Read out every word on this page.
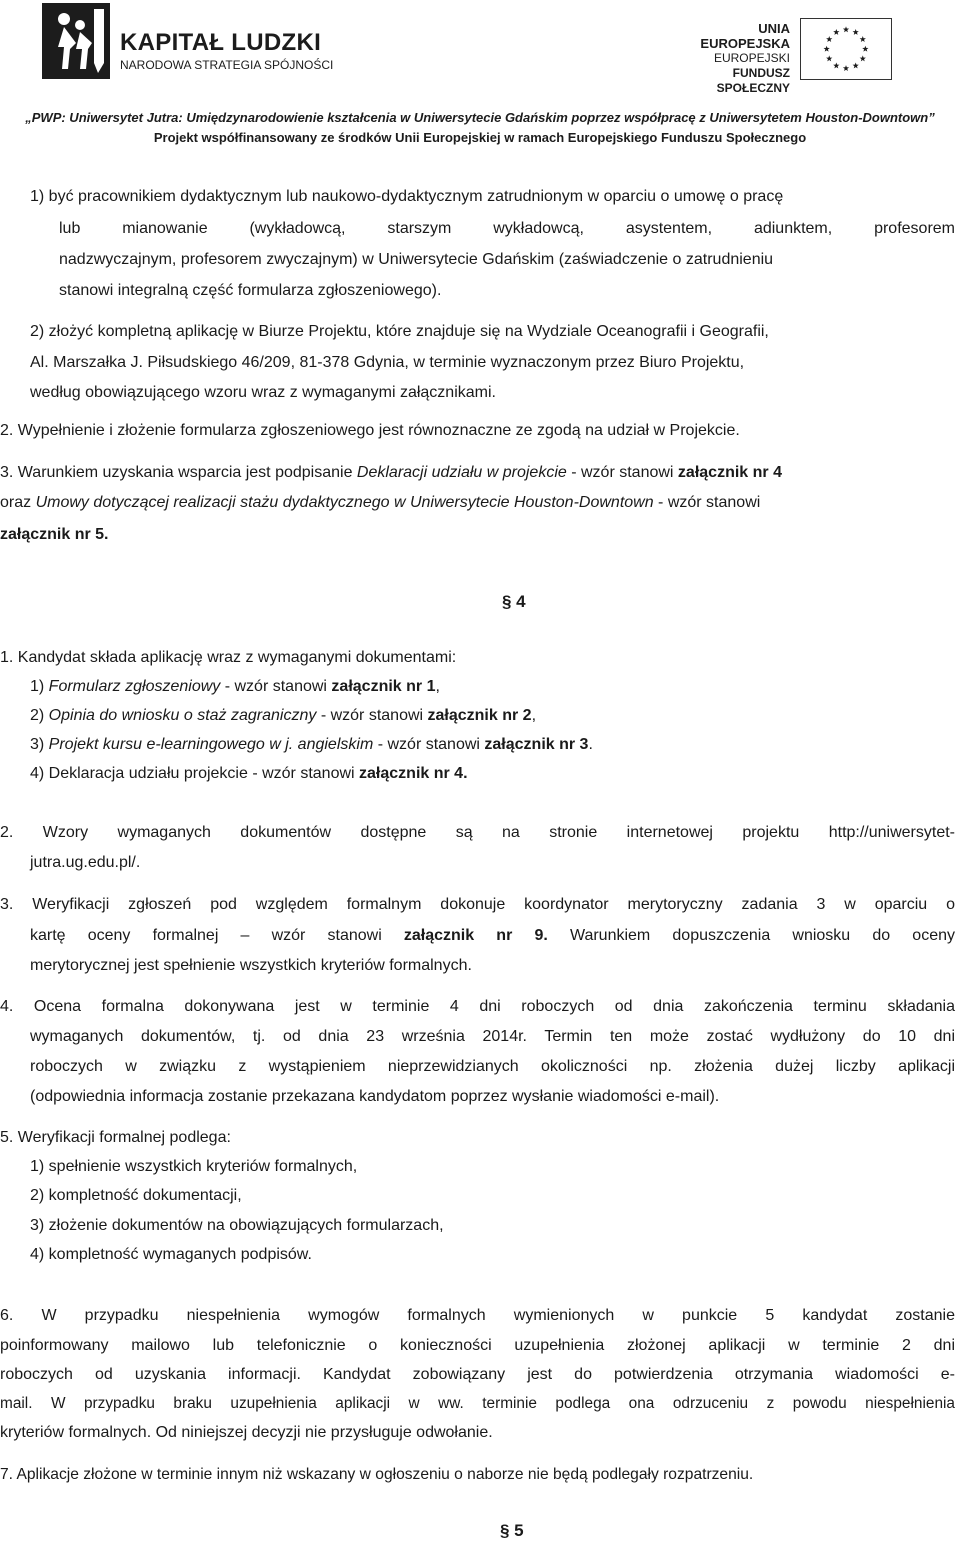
KAPITAŁ LUDZKI
NARODOWA STRATEGIA SPÓJNOŚCI
UNIA EUROPEJSKA
EUROPEJSKI
FUNDUSZ SPOŁECZNY
„PWP: Uniwersytet Jutra: Umiędzynarodowienie kształcenia w Uniwersytecie Gdańskim poprzez współpracę z Uniwersytetem Houston-Downtown”
Projekt współfinansowany ze środków Unii Europejskiej w ramach Europejskiego Funduszu Społecznego
1) być pracownikiem dydaktycznym lub naukowo-dydaktycznym zatrudnionym w oparciu o umowę o pracę
lub mianowanie (wykładowcą, starszym wykładowcą, asystentem, adiunktem, profesorem
nadzwyczajnym, profesorem zwyczajnym) w Uniwersytecie Gdańskim (zaświadczenie o zatrudnieniu
stanowi integralną część formularza zgłoszeniowego).
2) złożyć kompletną aplikację w Biurze Projektu, które znajduje się na Wydziale Oceanografii i Geografii,
Al. Marszałka J. Piłsudskiego 46/209, 81-378 Gdynia, w terminie wyznaczonym przez Biuro Projektu,
według obowiązującego wzoru wraz z wymaganymi załącznikami.
2. Wypełnienie i złożenie formularza zgłoszeniowego jest równoznaczne ze zgodą na udział w Projekcie.
3. Warunkiem uzyskania wsparcia jest podpisanie Deklaracji udziału w projekcie - wzór stanowi załącznik nr 4
oraz Umowy dotyczącej realizacji stażu dydaktycznego w Uniwersytecie Houston-Downtown - wzór stanowi
załącznik nr 5.
§ 4
1. Kandydat składa aplikację wraz z wymaganymi dokumentami:
1) Formularz zgłoszeniowy - wzór stanowi załącznik nr 1,
2) Opinia do wniosku o staż zagraniczny - wzór stanowi załącznik nr 2,
3) Projekt kursu e-learningowego w j. angielskim - wzór stanowi załącznik nr 3.
4) Deklaracja udziału projekcie - wzór stanowi załącznik nr 4.
2. Wzory wymaganych dokumentów dostępne są na stronie internetowej projektu http://uniwersytet-
jutra.ug.edu.pl/.
3. Weryfikacji zgłoszeń pod względem formalnym dokonuje koordynator merytoryczny zadania 3 w oparciu o
kartę oceny formalnej – wzór stanowi załącznik nr 9. Warunkiem dopuszczenia wniosku do oceny
merytorycznej jest spełnienie wszystkich kryteriów formalnych.
4. Ocena formalna dokonywana jest w terminie 4 dni roboczych od dnia zakończenia terminu składania
wymaganych dokumentów, tj. od dnia 23 września 2014r. Termin ten może zostać wydłużony do 10 dni
roboczych w związku z wystąpieniem nieprzewidzianych okoliczności np. złożenia dużej liczby aplikacji
(odpowiednia informacja zostanie przekazana kandydatom poprzez wysłanie wiadomości e-mail).
5. Weryfikacji formalnej podlega:
1) spełnienie wszystkich kryteriów formalnych,
2) kompletność dokumentacji,
3) złożenie dokumentów na obowiązujących formularzach,
4) kompletność wymaganych podpisów.
6. W przypadku niespełnienia wymogów formalnych wymienionych w punkcie 5 kandydat zostanie
poinformowany mailowo lub telefonicznie o konieczności uzupełnienia złożonej aplikacji w terminie 2 dni
roboczych od uzyskania informacji. Kandydat zobowiązany jest do potwierdzenia otrzymania wiadomości e-
mail. W przypadku braku uzupełnienia aplikacji w ww. terminie podlega ona odrzuceniu z powodu niespełnienia
kryteriów formalnych. Od niniejszej decyzji nie przysługuje odwołanie.
7. Aplikacje złożone w terminie innym niż wskazany w ogłoszeniu o naborze nie będą podlegały rozpatrzeniu.
§ 5
